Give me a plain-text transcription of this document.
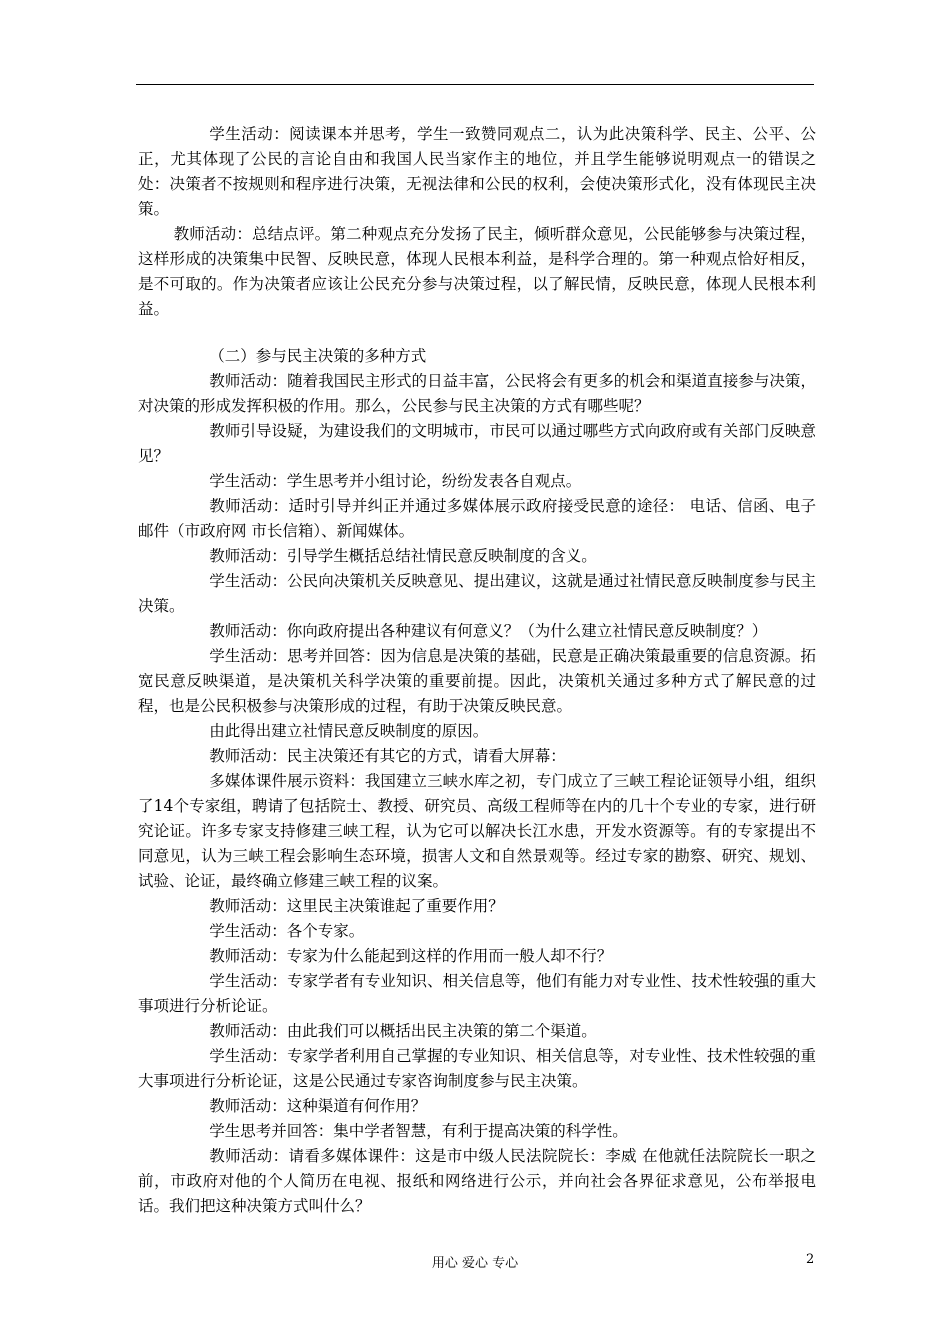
学生活动：阅读课本并思考，学生一致赞同观点二，认为此决策科学、民主、公平、公正，尤其体现了公民的言论自由和我国人民当家作主的地位，并且学生能够说明观点一的错误之处：决策者不按规则和程序进行决策，无视法律和公民的权利，会使决策形式化，没有体现民主决策。

教师活动：总结点评。第二种观点充分发扬了民主，倾听群众意见，公民能够参与决策过程，这样形成的决策集中民智、反映民意，体现人民根本利益，是科学合理的。第一种观点恰好相反，是不可取的。作为决策者应该让公民充分参与决策过程，以了解民情，反映民意，体现人民根本利益。

（二）参与民主决策的多种方式

教师活动：随着我国民主形式的日益丰富，公民将会有更多的机会和渠道直接参与决策，对决策的形成发挥积极的作用。那么，公民参与民主决策的方式有哪些呢？

教师引导设疑，为建设我们的文明城市，市民可以通过哪些方式向政府或有关部门反映意见？

学生活动：学生思考并小组讨论，纷纷发表各自观点。

教师活动：适时引导并纠正并通过多媒体展示政府接受民意的途径： 电话、信函、电子邮件（市政府网 市长信箱）、新闻媒体。

教师活动：引导学生概括总结社情民意反映制度的含义。

学生活动：公民向决策机关反映意见、提出建议，这就是通过社情民意反映制度参与民主决策。

教师活动：你向政府提出各种建议有何意义？（为什么建立社情民意反映制度？）

学生活动：思考并回答：因为信息是决策的基础，民意是正确决策最重要的信息资源。拓宽民意反映渠道，是决策机关科学决策的重要前提。因此，决策机关通过多种方式了解民意的过程，也是公民积极参与决策形成的过程，有助于决策反映民意。

由此得出建立社情民意反映制度的原因。

教师活动：民主决策还有其它的方式，请看大屏幕：

多媒体课件展示资料：我国建立三峡水库之初，专门成立了三峡工程论证领导小组，组织了14个专家组，聘请了包括院士、教授、研究员、高级工程师等在内的几十个专业的专家，进行研究论证。许多专家支持修建三峡工程，认为它可以解决长江水患，开发水资源等。有的专家提出不同意见，认为三峡工程会影响生态环境，损害人文和自然景观等。经过专家的勘察、研究、规划、试验、论证，最终确立修建三峡工程的议案。

教师活动：这里民主决策谁起了重要作用？

学生活动：各个专家。

教师活动：专家为什么能起到这样的作用而一般人却不行？

学生活动：专家学者有专业知识、相关信息等，他们有能力对专业性、技术性较强的重大事项进行分析论证。

教师活动：由此我们可以概括出民主决策的第二个渠道。

学生活动：专家学者利用自己掌握的专业知识、相关信息等，对专业性、技术性较强的重大事项进行分析论证，这是公民通过专家咨询制度参与民主决策。

教师活动：这种渠道有何作用？

学生思考并回答：集中学者智慧，有利于提高决策的科学性。

教师活动：请看多媒体课件：这是市中级人民法院院长：李威 在他就任法院院长一职之前，市政府对他的个人简历在电视、报纸和网络进行公示，并向社会各界征求意见，公布举报电话。我们把这种决策方式叫什么？

用心 爱心 专心	2
